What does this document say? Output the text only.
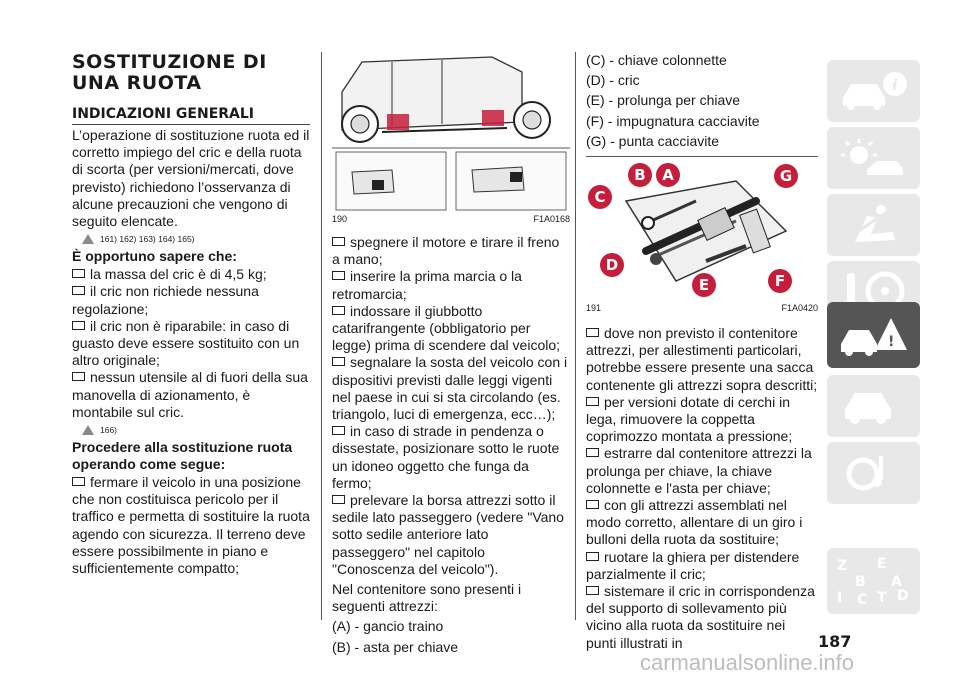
SOSTITUZIONE DI
UNA RUOTA
INDICAZIONI GENERALI

L’operazione di sostituzione ruota ed il corretto impiego del cric e della ruota di scorta (per versioni/mercati, dove previsto) richiedono l’osservanza di alcune precauzioni che vengono di seguito elencate.

161) 162) 163) 164) 165)
È opportuno sapere che:

la massa del cric è di 4,5 kg;

il cric non richiede nessuna regolazione;

il cric non è riparabile: in caso di guasto deve essere sostituito con un altro originale;

nessun utensile al di fuori della sua manovella di azionamento, è montabile sul cric.

166)
Procedere alla sostituzione ruota operando come segue:

fermare il veicolo in una posizione che non costituisca pericolo per il traffico e permetta di sostituire la ruota agendo con sicurezza. Il terreno deve essere possibilmente in piano e sufficientemente compatto;

190	F1A0168

spegnere il motore e tirare il freno a mano;

inserire la prima marcia o la retromarcia;

indossare il giubbotto catarifrangente (obbligatorio per legge) prima di scendere dal veicolo;

segnalare la sosta del veicolo con i dispositivi previsti dalle leggi vigenti nel paese in cui si sta circolando (es. triangolo, luci di emergenza, ecc…);

in caso di strade in pendenza o dissestate, posizionare sotto le ruote un idoneo oggetto che funga da fermo;

prelevare la borsa attrezzi sotto il sedile lato passeggero (vedere "Vano sotto sedile anteriore lato passeggero" nel capitolo "Conoscenza del veicolo").

Nel contenitore sono presenti i seguenti attrezzi:

(A) - gancio traino

(B) - asta per chiave

(C) - chiave colonnette

(D) - cric

(E) - prolunga per chiave

(F) - impugnatura cacciavite

(G) - punta cacciavite

B	A	G
C
D
E	F
191	F1A0420

dove non previsto il contenitore attrezzi, per allestimenti particolari, potrebbe essere presente una sacca contenente gli attrezzi sopra descritti;

per versioni dotate di cerchi in lega, rimuovere la coppetta coprimozzo montata a pressione;

estrarre dal contenitore attrezzi la prolunga per chiave, la chiave colonnette e l'asta per chiave;

con gli attrezzi assemblati nel modo corretto, allentare di un giro i bulloni della ruota da sostituire;

ruotare la ghiera per distendere parzialmente il cric;

sistemare il cric in corrispondenza del supporto di sollevamento più vicino alla ruota da sostituire nei punti illustrati in

i
!
Z E
B A
I C T D
187
carmanualsonline.info
